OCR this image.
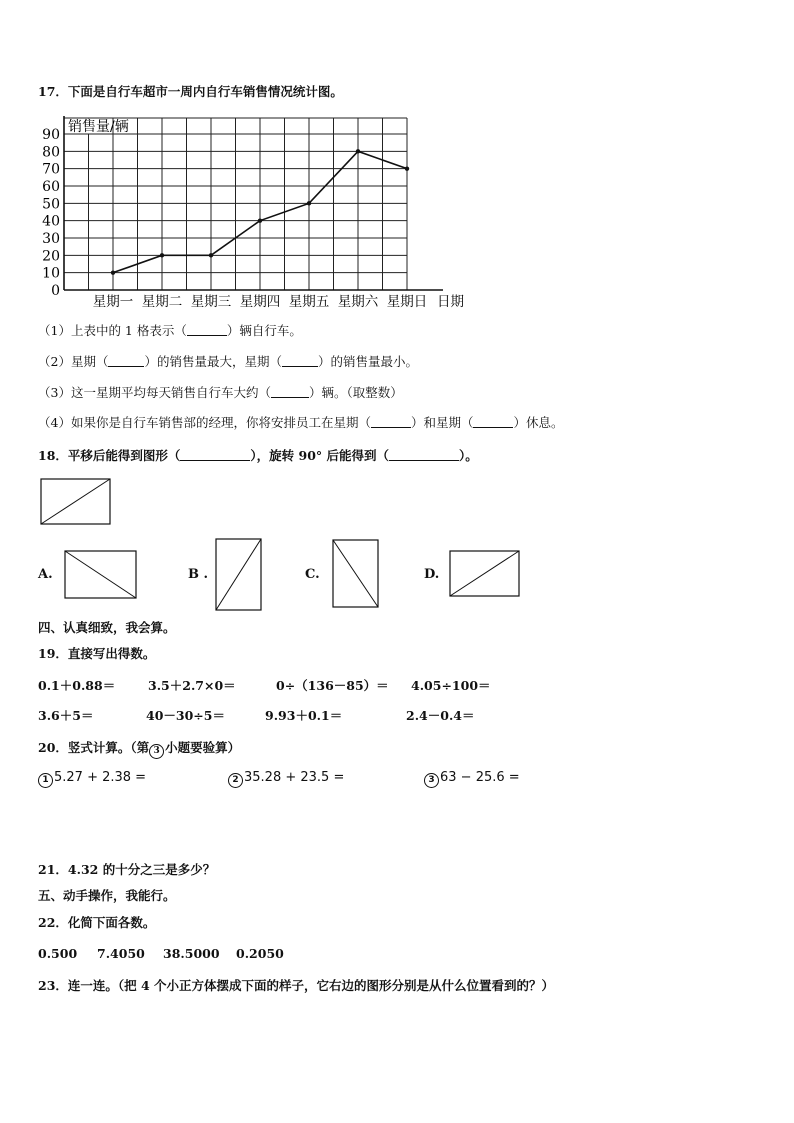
17．下面是自行车超市一周内自行车销售情况统计图。
0
10
20
30
40
50
60
70
80
90 销售量/辆
星期一 星期二 星期三 星期四 星期五 星期六 星期日 日期
（1）上表中的 1 格表示（	）辆自行车。
（2）星期（	）的销售量最大，星期（	）的销售量最小。
（3）这一星期平均每天销售自行车大约（	）辆。（取整数）
（4）如果你是自行车销售部的经理，你将安排员工在星期（	）和星期（	）休息。
18．平移后能得到图形（	），旋转 90° 后能得到（	）。
A.	B .	C.	D.
四、认真细致，我会算。
19．直接写出得数。
0.1＋0.88＝	3.5＋2.7×0＝	0÷（136－85）＝ 4.05÷100＝
3.6＋5＝	40－30÷5＝	9.93＋0.1＝	2.4－0.4＝
20．竖式计算。（第 3 小题要验算）
1 5.27 + 2.38 =	2 35.28 + 23.5 =	3 63 − 25.6 =
21．4.32 的十分之三是多少？
五、动手操作，我能行。
22．化简下面各数。
0.500 7.4050 38.5000 0.2050
23．连一连。（把 4 个小正方体摆成下面的样子，它右边的图形分别是从什么位置看到的？）
